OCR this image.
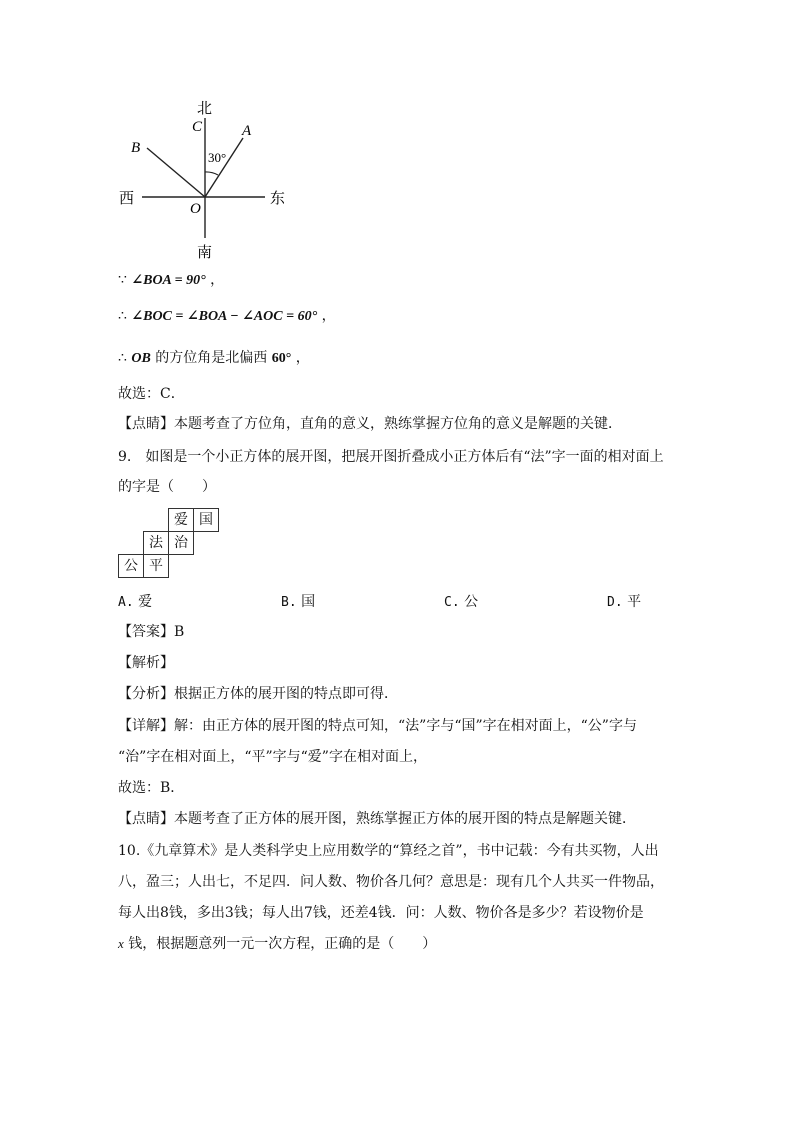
北
南
西	东
A
B
C
O
30°
∵ ∠BOA = 90° ，
∴ ∠BOC = ∠BOA − ∠AOC = 60° ，
∴ OB 的方位角是北偏西 60° ，
故选：C．
【点睛】本题考查了方位角，直角的意义，熟练掌握方位角的意义是解题的关键．
9.　如图是一个小正方体的展开图，把展开图折叠成小正方体后有“法”字一面的相对面上
的字是（　　）
爱 国
法 治
公 平
A. 爱	B. 国	C. 公	D. 平
【答案】B
【解析】
【分析】根据正方体的展开图的特点即可得．
【详解】解：由正方体的展开图的特点可知，“法”字与“国”字在相对面上，“公”字与
“治”字在相对面上，“平”字与“爱”字在相对面上，
故选：B．
【点睛】本题考查了正方体的展开图，熟练掌握正方体的展开图的特点是解题关键．
10.《九章算术》是人类科学史上应用数学的“算经之首”，书中记载：今有共买物，人出
八，盈三；人出七，不足四．问人数、物价各几何？意思是：现有几个人共买一件物品，
每人出8钱，多出3钱；每人出7钱，还差4钱．问：人数、物价各是多少？若设物价是
x 钱，根据题意列一元一次方程，正确的是（　　）
